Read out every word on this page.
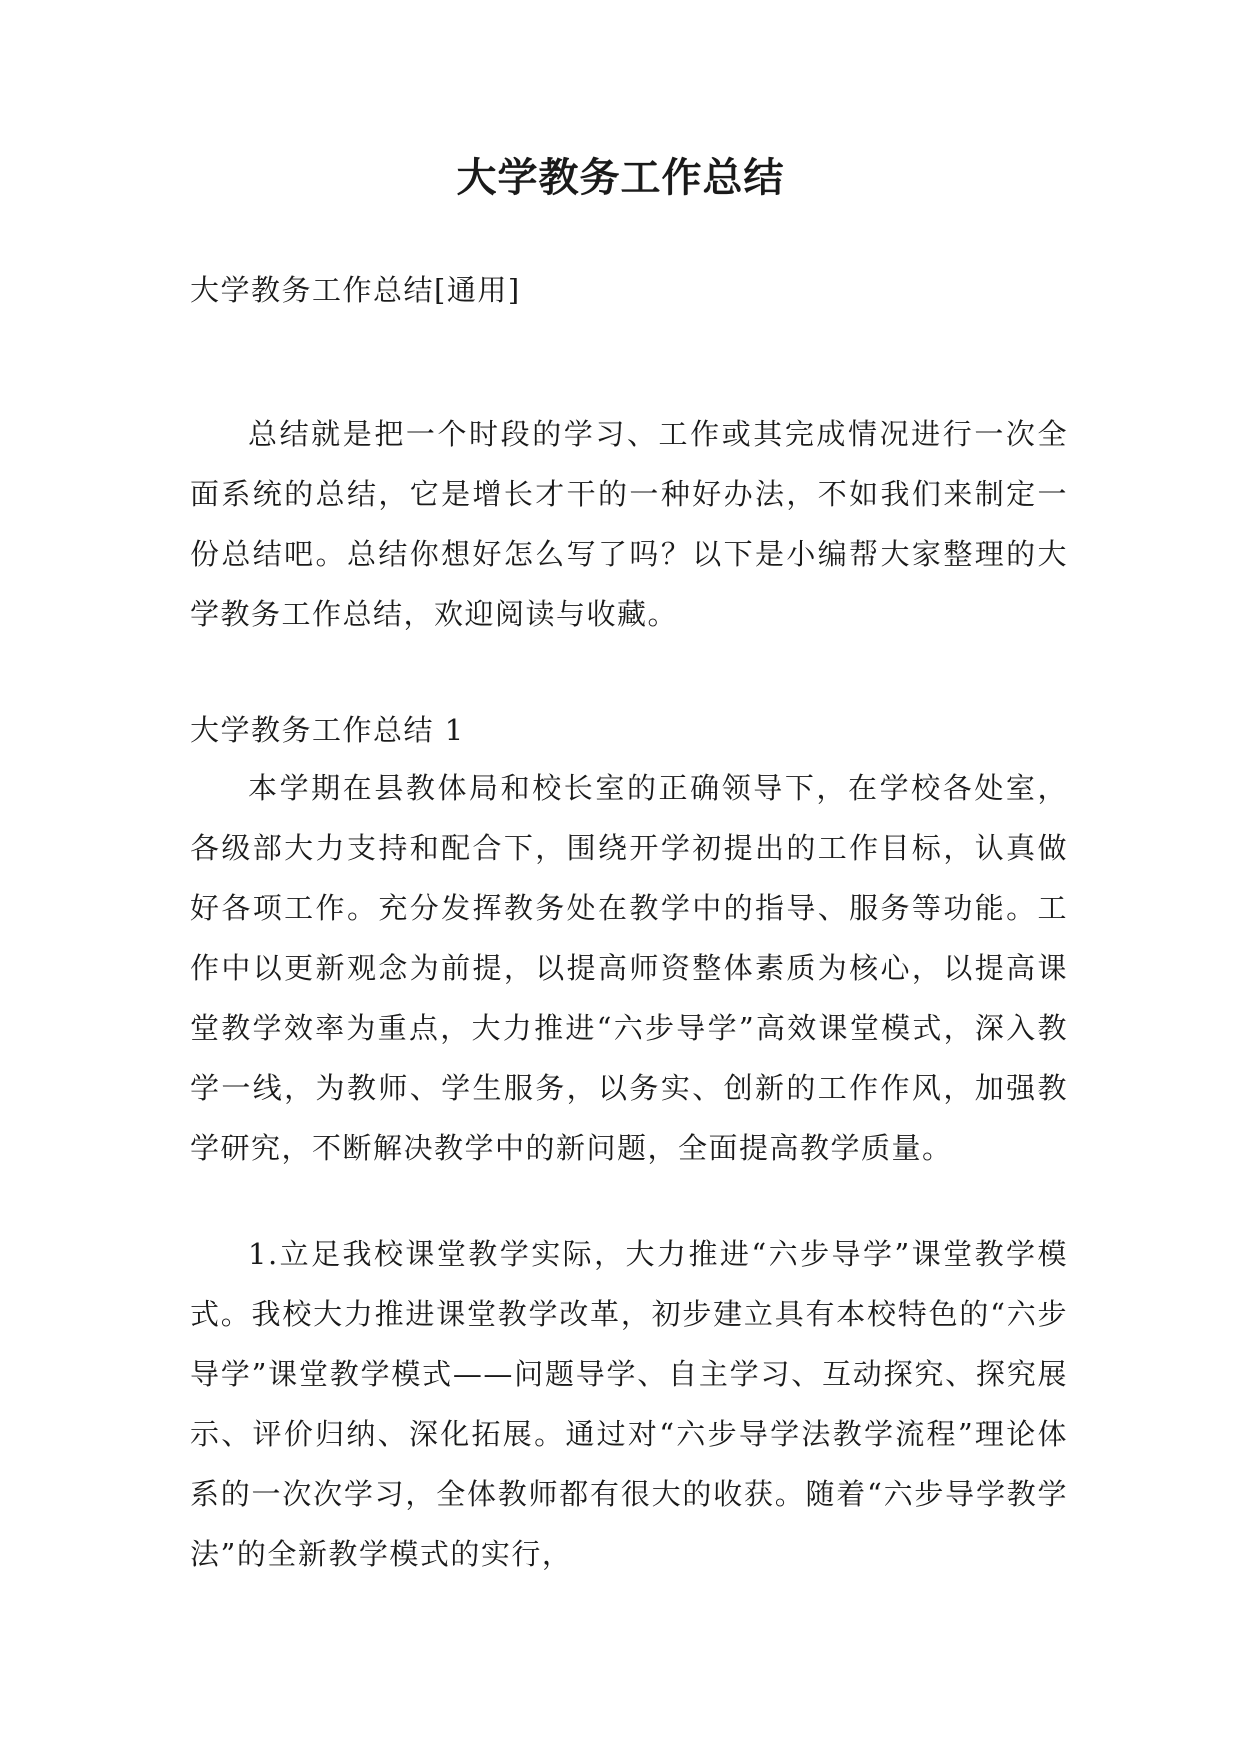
大学教务工作总结

大学教务工作总结[通用]

总结就是把一个时段的学习、工作或其完成情况进行一次全面系统的总结，它是增长才干的一种好办法，不如我们来制定一份总结吧。总结你想好怎么写了吗？以下是小编帮大家整理的大学教务工作总结，欢迎阅读与收藏。

大学教务工作总结 1

本学期在县教体局和校长室的正确领导下，在学校各处室，各级部大力支持和配合下，围绕开学初提出的工作目标，认真做好各项工作。充分发挥教务处在教学中的指导、服务等功能。工作中以更新观念为前提，以提高师资整体素质为核心，以提高课堂教学效率为重点，大力推进“六步导学”高效课堂模式，深入教学一线，为教师、学生服务，以务实、创新的工作作风，加强教学研究，不断解决教学中的新问题，全面提高教学质量。

1.立足我校课堂教学实际，大力推进“六步导学”课堂教学模式。我校大力推进课堂教学改革，初步建立具有本校特色的“六步导学”课堂教学模式——问题导学、自主学习、互动探究、探究展示、评价归纳、深化拓展。通过对“六步导学法教学流程”理论体系的一次次学习，全体教师都有很大的收获。随着“六步导学教学法”的全新教学模式的实行，
